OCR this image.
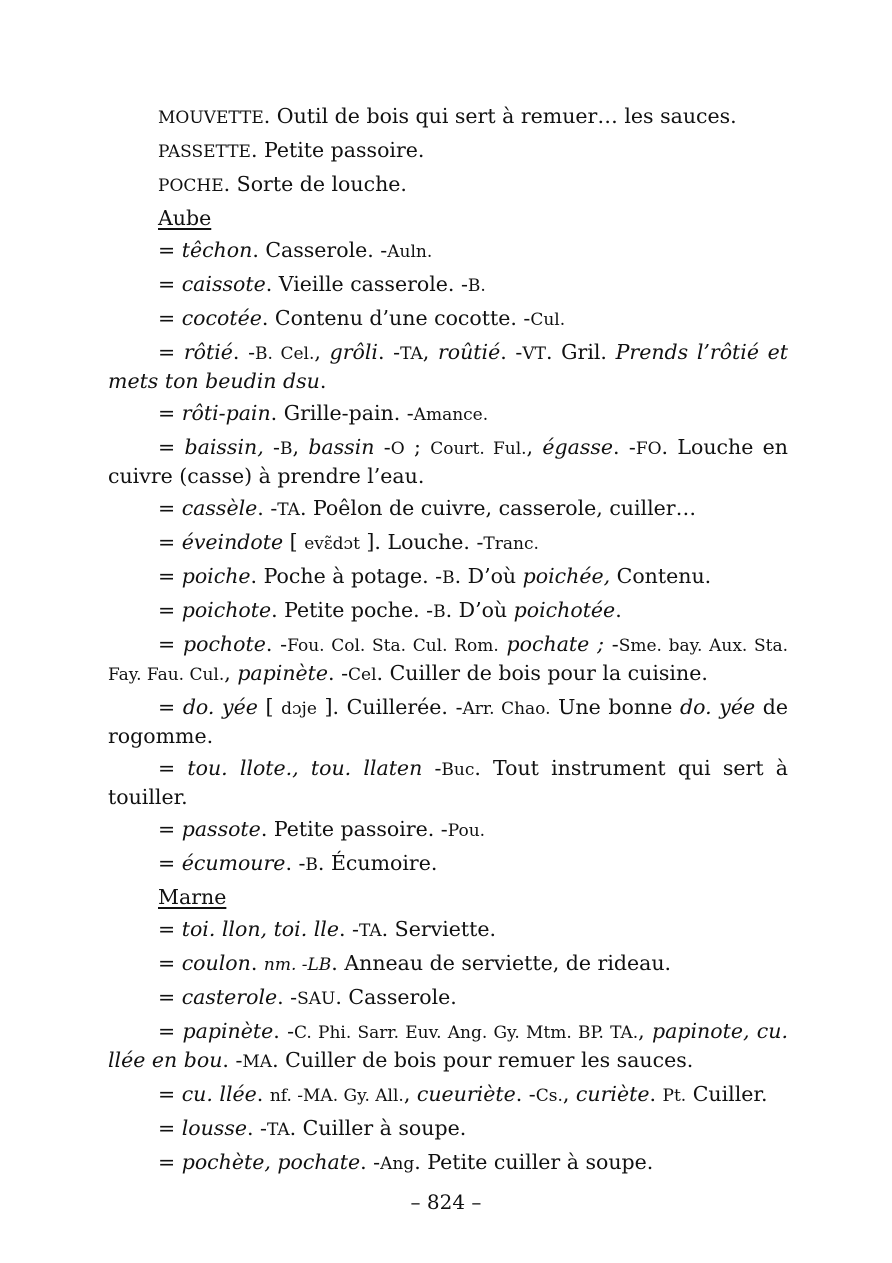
MOUVETTE. Outil de bois qui sert à remuer… les sauces.

PASSETTE. Petite passoire.

POCHE. Sorte de louche.

Aube

= têchon. Casserole. -Auln.

= caissote. Vieille casserole. -B.

= cocotée. Contenu d’une cocotte. -Cul.

= rôtié. -B. Cel., grôli. -TA, roûtié. -VT. Gril. Prends l’rôtié et mets ton beudin dsu.

= rôti-pain. Grille-pain. -Amance.

= baissin, -B, bassin -O ; Court. Ful., égasse. -FO. Louche en cuivre (casse) à prendre l’eau.

= cassèle. -TA. Poêlon de cuivre, casserole, cuiller…

= éveindote [ evɛ̃dɔt ]. Louche. -Tranc.

= poiche. Poche à potage. -B. D’où poichée, Contenu.

= poichote. Petite poche. -B. D’où poichotée.

= pochote. -Fou. Col. Sta. Cul. Rom. pochate ; -Sme. bay. Aux. Sta. Fay. Fau. Cul., papinète. -Cel. Cuiller de bois pour la cuisine.

= do. yée [ dɔje ]. Cuillerée. -Arr. Chao. Une bonne do. yée de rogomme.

= tou. llote., tou. llaten -Buc. Tout instrument qui sert à touiller.

= passote. Petite passoire. -Pou.

= écumoure. -B. Écumoire.

Marne

= toi. llon, toi. lle. -TA. Serviette.

= coulon. nm. -LB. Anneau de serviette, de rideau.

= casterole. -SAU. Casserole.

= papinète. -C. Phi. Sarr. Euv. Ang. Gy. Mtm. BP. TA., papinote, cu. llée en bou. -MA. Cuiller de bois pour remuer les sauces.

= cu. llée. nf. -MA. Gy. All., cueuriète. -Cs., curiète. Pt. Cuiller.

= lousse. -TA. Cuiller à soupe.

= pochète, pochate. -Ang. Petite cuiller à soupe.

– 824 –
